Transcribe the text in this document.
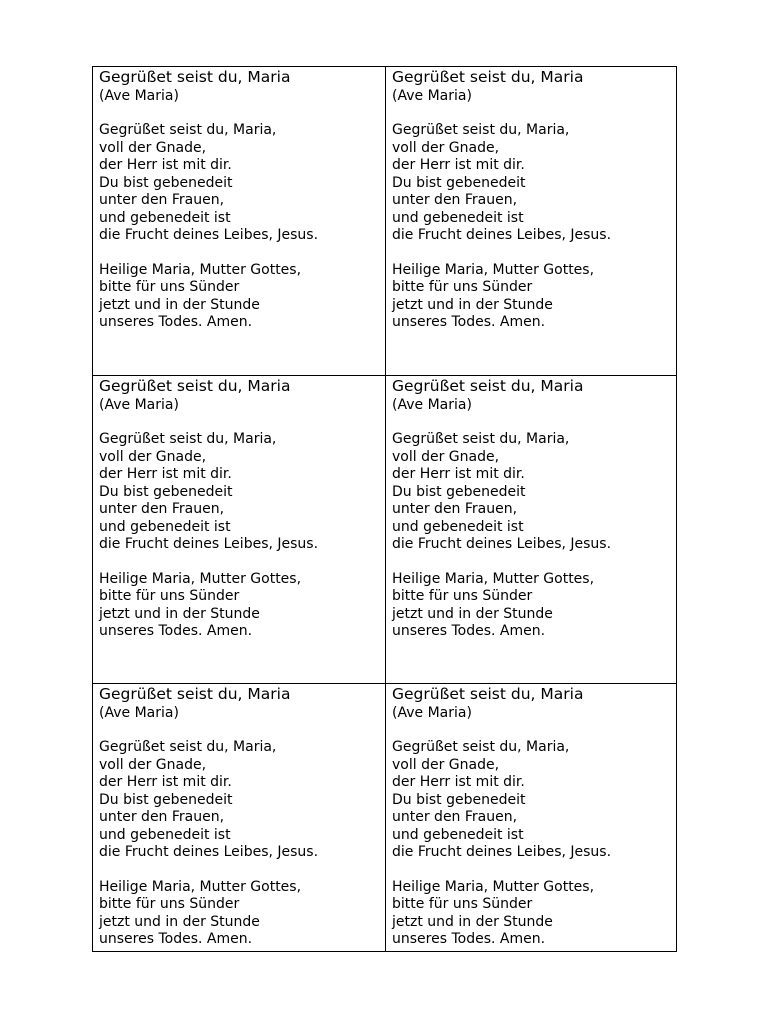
Gegrüßet seist du, Maria
(Ave Maria)
Gegrüßet seist du, Maria,
voll der Gnade,
der Herr ist mit dir.
Du bist gebenedeit
unter den Frauen,
und gebenedeit ist
die Frucht deines Leibes, Jesus.
Heilige Maria, Mutter Gottes,
bitte für uns Sünder
jetzt und in der Stunde
unseres Todes. Amen.
Gegrüßet seist du, Maria
(Ave Maria)
Gegrüßet seist du, Maria,
voll der Gnade,
der Herr ist mit dir.
Du bist gebenedeit
unter den Frauen,
und gebenedeit ist
die Frucht deines Leibes, Jesus.
Heilige Maria, Mutter Gottes,
bitte für uns Sünder
jetzt und in der Stunde
unseres Todes. Amen.
Gegrüßet seist du, Maria
(Ave Maria)
Gegrüßet seist du, Maria,
voll der Gnade,
der Herr ist mit dir.
Du bist gebenedeit
unter den Frauen,
und gebenedeit ist
die Frucht deines Leibes, Jesus.
Heilige Maria, Mutter Gottes,
bitte für uns Sünder
jetzt und in der Stunde
unseres Todes. Amen.
Gegrüßet seist du, Maria
(Ave Maria)
Gegrüßet seist du, Maria,
voll der Gnade,
der Herr ist mit dir.
Du bist gebenedeit
unter den Frauen,
und gebenedeit ist
die Frucht deines Leibes, Jesus.
Heilige Maria, Mutter Gottes,
bitte für uns Sünder
jetzt und in der Stunde
unseres Todes. Amen.
Gegrüßet seist du, Maria
(Ave Maria)
Gegrüßet seist du, Maria,
voll der Gnade,
der Herr ist mit dir.
Du bist gebenedeit
unter den Frauen,
und gebenedeit ist
die Frucht deines Leibes, Jesus.
Heilige Maria, Mutter Gottes,
bitte für uns Sünder
jetzt und in der Stunde
unseres Todes. Amen.
Gegrüßet seist du, Maria
(Ave Maria)
Gegrüßet seist du, Maria,
voll der Gnade,
der Herr ist mit dir.
Du bist gebenedeit
unter den Frauen,
und gebenedeit ist
die Frucht deines Leibes, Jesus.
Heilige Maria, Mutter Gottes,
bitte für uns Sünder
jetzt und in der Stunde
unseres Todes. Amen.
